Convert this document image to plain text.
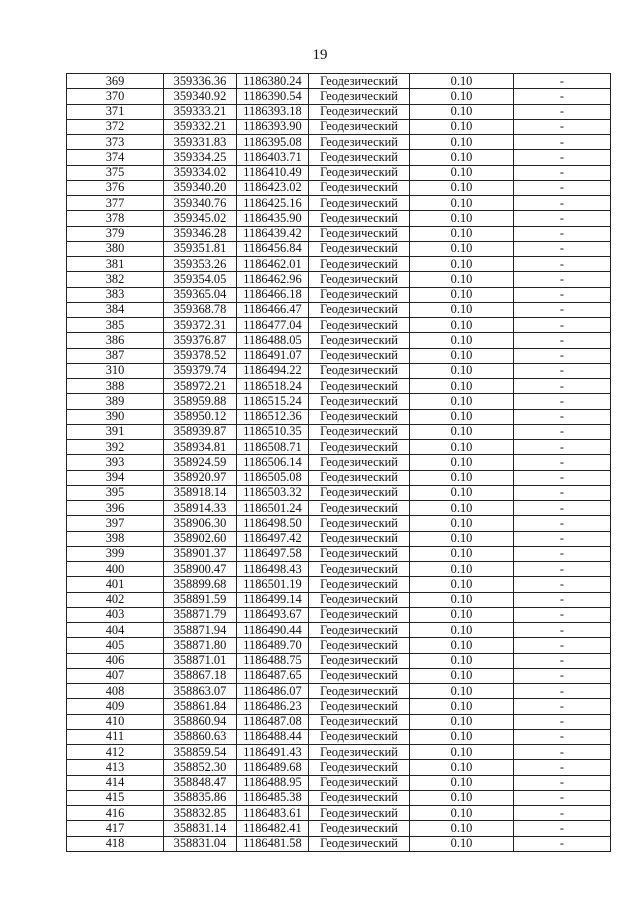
19
369	359336.36	1186380.24	Геодезический	0.10	-
370	359340.92	1186390.54	Геодезический	0.10	-
371	359333.21	1186393.18	Геодезический	0.10	-
372	359332.21	1186393.90	Геодезический	0.10	-
373	359331.83	1186395.08	Геодезический	0.10	-
374	359334.25	1186403.71	Геодезический	0.10	-
375	359334.02	1186410.49	Геодезический	0.10	-
376	359340.20	1186423.02	Геодезический	0.10	-
377	359340.76	1186425.16	Геодезический	0.10	-
378	359345.02	1186435.90	Геодезический	0.10	-
379	359346.28	1186439.42	Геодезический	0.10	-
380	359351.81	1186456.84	Геодезический	0.10	-
381	359353.26	1186462.01	Геодезический	0.10	-
382	359354.05	1186462.96	Геодезический	0.10	-
383	359365.04	1186466.18	Геодезический	0.10	-
384	359368.78	1186466.47	Геодезический	0.10	-
385	359372.31	1186477.04	Геодезический	0.10	-
386	359376.87	1186488.05	Геодезический	0.10	-
387	359378.52	1186491.07	Геодезический	0.10	-
310	359379.74	1186494.22	Геодезический	0.10	-
388	358972.21	1186518.24	Геодезический	0.10	-
389	358959.88	1186515.24	Геодезический	0.10	-
390	358950.12	1186512.36	Геодезический	0.10	-
391	358939.87	1186510.35	Геодезический	0.10	-
392	358934.81	1186508.71	Геодезический	0.10	-
393	358924.59	1186506.14	Геодезический	0.10	-
394	358920.97	1186505.08	Геодезический	0.10	-
395	358918.14	1186503.32	Геодезический	0.10	-
396	358914.33	1186501.24	Геодезический	0.10	-
397	358906.30	1186498.50	Геодезический	0.10	-
398	358902.60	1186497.42	Геодезический	0.10	-
399	358901.37	1186497.58	Геодезический	0.10	-
400	358900.47	1186498.43	Геодезический	0.10	-
401	358899.68	1186501.19	Геодезический	0.10	-
402	358891.59	1186499.14	Геодезический	0.10	-
403	358871.79	1186493.67	Геодезический	0.10	-
404	358871.94	1186490.44	Геодезический	0.10	-
405	358871.80	1186489.70	Геодезический	0.10	-
406	358871.01	1186488.75	Геодезический	0.10	-
407	358867.18	1186487.65	Геодезический	0.10	-
408	358863.07	1186486.07	Геодезический	0.10	-
409	358861.84	1186486.23	Геодезический	0.10	-
410	358860.94	1186487.08	Геодезический	0.10	-
411	358860.63	1186488.44	Геодезический	0.10	-
412	358859.54	1186491.43	Геодезический	0.10	-
413	358852.30	1186489.68	Геодезический	0.10	-
414	358848.47	1186488.95	Геодезический	0.10	-
415	358835.86	1186485.38	Геодезический	0.10	-
416	358832.85	1186483.61	Геодезический	0.10	-
417	358831.14	1186482.41	Геодезический	0.10	-
418	358831.04	1186481.58	Геодезический	0.10	-
